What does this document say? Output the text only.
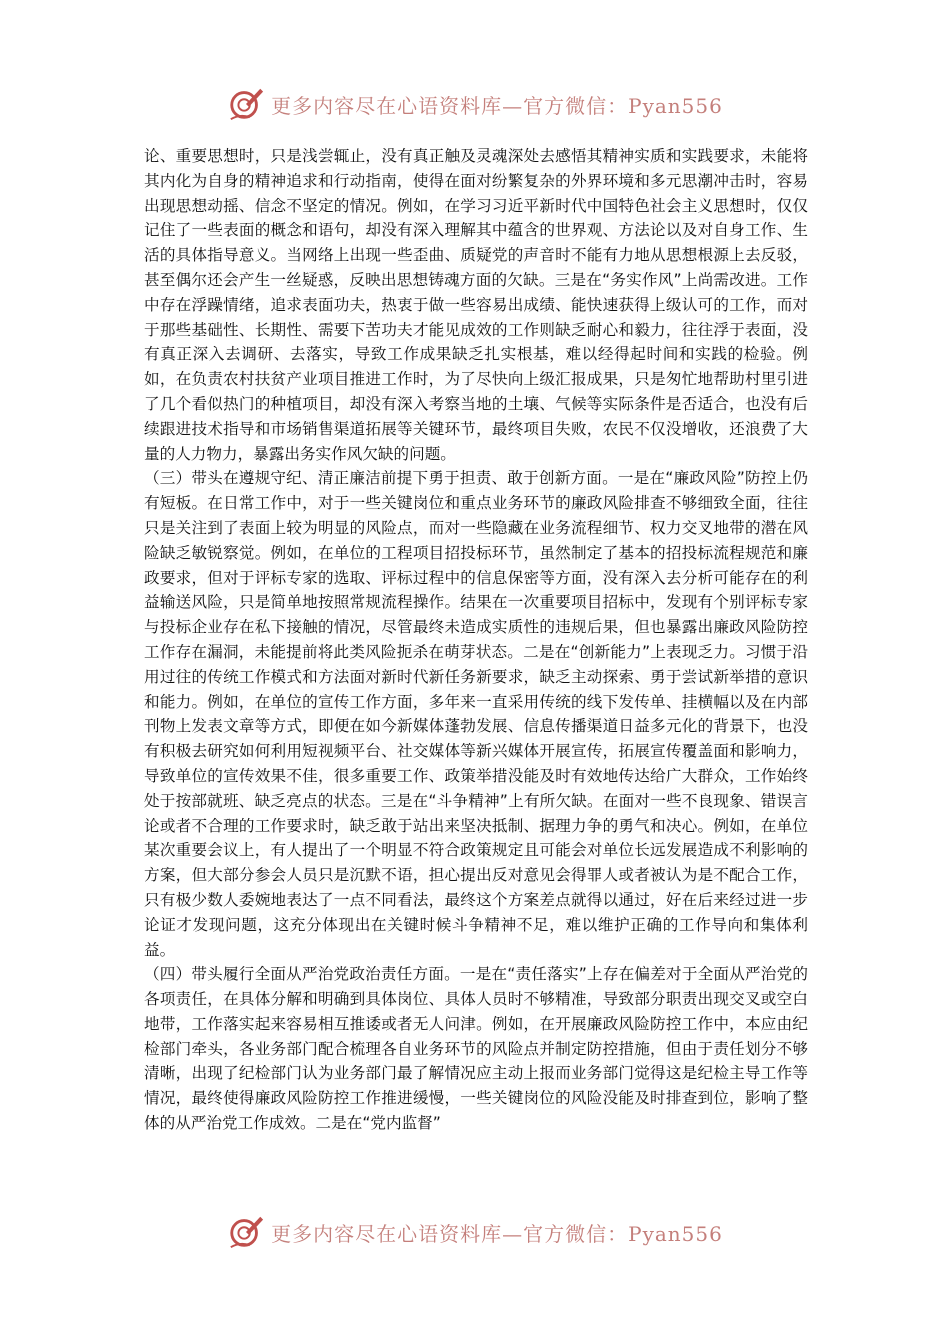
更多内容尽在心语资料库—官方微信：Pyan556

论、重要思想时，只是浅尝辄止，没有真正触及灵魂深处去感悟其精神实质和实践要求，未能将其内化为自身的精神追求和行动指南，使得在面对纷繁复杂的外界环境和多元思潮冲击时，容易出现思想动摇、信念不坚定的情况。例如，在学习习近平新时代中国特色社会主义思想时，仅仅记住了一些表面的概念和语句，却没有深入理解其中蕴含的世界观、方法论以及对自身工作、生活的具体指导意义。当网络上出现一些歪曲、质疑党的声音时不能有力地从思想根源上去反驳，甚至偶尔还会产生一丝疑惑，反映出思想铸魂方面的欠缺。三是在“务实作风”上尚需改进。工作中存在浮躁情绪，追求表面功夫，热衷于做一些容易出成绩、能快速获得上级认可的工作，而对于那些基础性、长期性、需要下苦功夫才能见成效的工作则缺乏耐心和毅力，往往浮于表面，没有真正深入去调研、去落实，导致工作成果缺乏扎实根基，难以经得起时间和实践的检验。例如，在负责农村扶贫产业项目推进工作时，为了尽快向上级汇报成果，只是匆忙地帮助村里引进了几个看似热门的种植项目，却没有深入考察当地的土壤、气候等实际条件是否适合，也没有后续跟进技术指导和市场销售渠道拓展等关键环节，最终项目失败，农民不仅没增收，还浪费了大量的人力物力，暴露出务实作风欠缺的问题。

（三）带头在遵规守纪、清正廉洁前提下勇于担责、敢于创新方面。一是在“廉政风险”防控上仍有短板。在日常工作中，对于一些关键岗位和重点业务环节的廉政风险排查不够细致全面，往往只是关注到了表面上较为明显的风险点，而对一些隐藏在业务流程细节、权力交叉地带的潜在风险缺乏敏锐察觉。例如，在单位的工程项目招投标环节，虽然制定了基本的招投标流程规范和廉政要求，但对于评标专家的选取、评标过程中的信息保密等方面，没有深入去分析可能存在的利益输送风险，只是简单地按照常规流程操作。结果在一次重要项目招标中，发现有个别评标专家与投标企业存在私下接触的情况，尽管最终未造成实质性的违规后果，但也暴露出廉政风险防控工作存在漏洞，未能提前将此类风险扼杀在萌芽状态。二是在“创新能力”上表现乏力。习惯于沿用过往的传统工作模式和方法面对新时代新任务新要求，缺乏主动探索、勇于尝试新举措的意识和能力。例如，在单位的宣传工作方面，多年来一直采用传统的线下发传单、挂横幅以及在内部刊物上发表文章等方式，即便在如今新媒体蓬勃发展、信息传播渠道日益多元化的背景下，也没有积极去研究如何利用短视频平台、社交媒体等新兴媒体开展宣传，拓展宣传覆盖面和影响力，导致单位的宣传效果不佳，很多重要工作、政策举措没能及时有效地传达给广大群众，工作始终处于按部就班、缺乏亮点的状态。三是在“斗争精神”上有所欠缺。在面对一些不良现象、错误言论或者不合理的工作要求时，缺乏敢于站出来坚决抵制、据理力争的勇气和决心。例如，在单位某次重要会议上，有人提出了一个明显不符合政策规定且可能会对单位长远发展造成不利影响的方案，但大部分参会人员只是沉默不语，担心提出反对意见会得罪人或者被认为是不配合工作，只有极少数人委婉地表达了一点不同看法，最终这个方案差点就得以通过，好在后来经过进一步论证才发现问题，这充分体现出在关键时候斗争精神不足，难以维护正确的工作导向和集体利益。

（四）带头履行全面从严治党政治责任方面。一是在“责任落实”上存在偏差对于全面从严治党的各项责任，在具体分解和明确到具体岗位、具体人员时不够精准，导致部分职责出现交叉或空白地带，工作落实起来容易相互推诿或者无人问津。例如，在开展廉政风险防控工作中，本应由纪检部门牵头，各业务部门配合梳理各自业务环节的风险点并制定防控措施，但由于责任划分不够清晰，出现了纪检部门认为业务部门最了解情况应主动上报而业务部门觉得这是纪检主导工作等情况，最终使得廉政风险防控工作推进缓慢，一些关键岗位的风险没能及时排查到位，影响了整体的从严治党工作成效。二是在“党内监督”

更多内容尽在心语资料库—官方微信：Pyan556
